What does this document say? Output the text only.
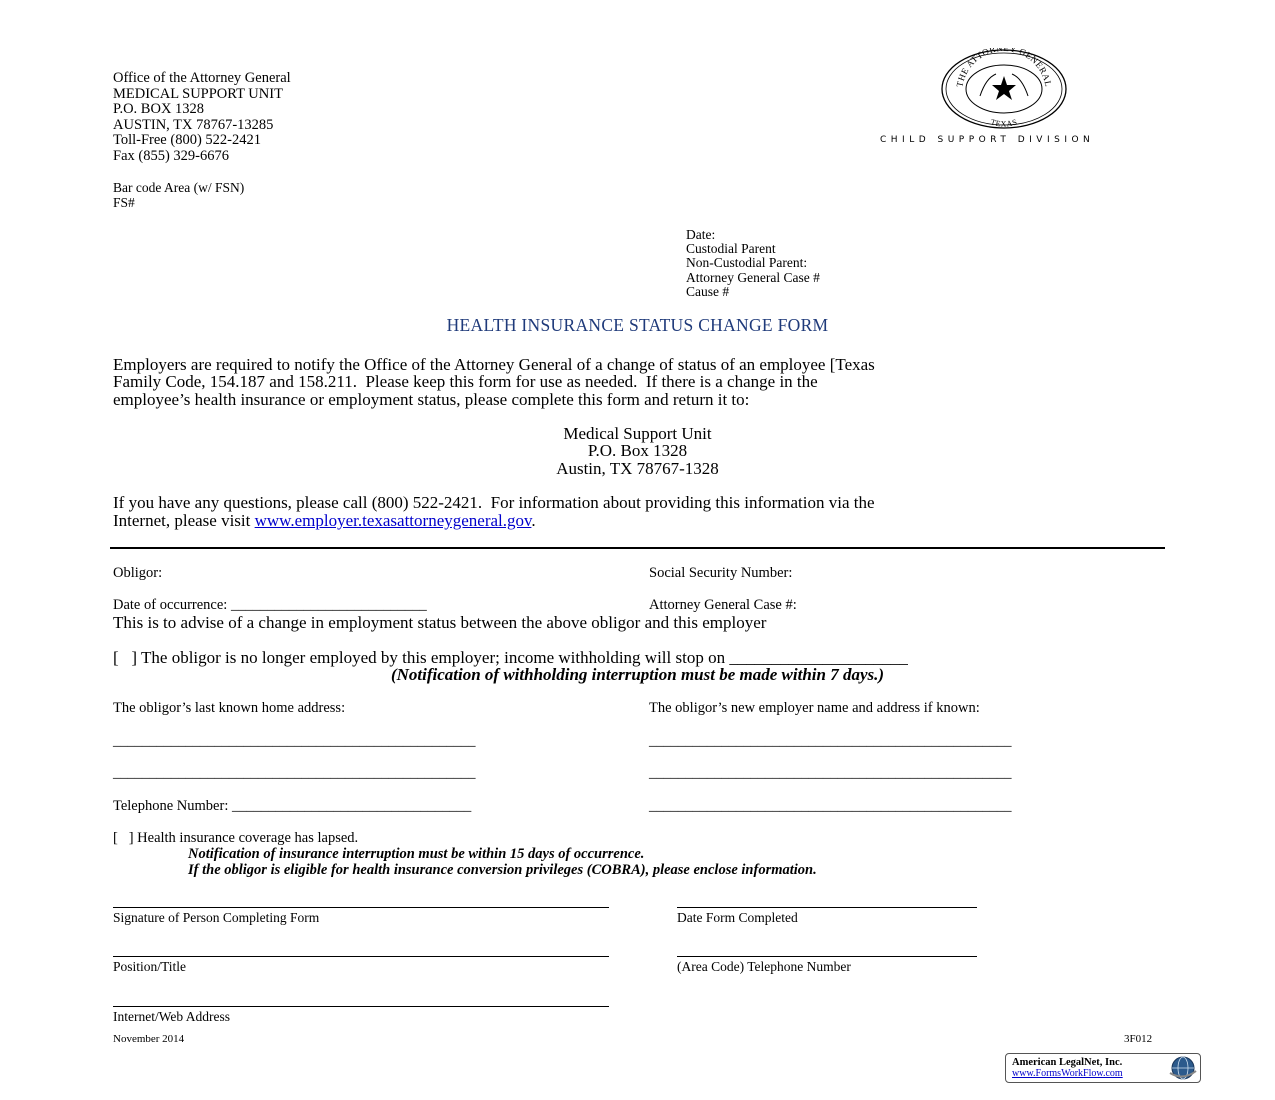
Office of the Attorney General
MEDICAL SUPPORT UNIT
P.O. BOX 1328
AUSTIN, TX 78767-13285
Toll-Free (800) 522-2421
Fax (855) 329-6676
Bar code Area (w/ FSN)
FS#
THE ATTORNEY GENERAL
TEXAS
CHILD SUPPORT DIVISION
Date:
Custodial Parent
Non-Custodial Parent:
Attorney General Case #
Cause #
HEALTH INSURANCE STATUS CHANGE FORM
Employers are required to notify the Office of the Attorney General of a change of status of an employee [Texas
Family Code, 154.187 and 158.211.  Please keep this form for use as needed.  If there is a change in the
employee’s health insurance or employment status, please complete this form and return it to:
Medical Support Unit
P.O. Box 1328
Austin, TX 78767-1328
If you have any questions, please call (800) 522-2421.  For information about providing this information via the
Internet, please visit www.employer.texasattorneygeneral.gov.
Obligor:	Social Security Number:
Date of occurrence: ___________________________	Attorney General Case #:
This is to advise of a change in employment status between the above obligor and this employer
[   ] The obligor is no longer employed by this employer; income withholding will stop on _____________________
(Notification of withholding interruption must be made within 7 days.)
The obligor’s last known home address:	The obligor’s new employer name and address if known:
__________________________________________________	__________________________________________________
__________________________________________________	__________________________________________________
Telephone Number: _________________________________	__________________________________________________
[   ] Health insurance coverage has lapsed.
Notification of insurance interruption must be within 15 days of occurrence.
If the obligor is eligible for health insurance conversion privileges (COBRA), please enclose information.
Signature of Person Completing Form	Date Form Completed
Position/Title	(Area Code) Telephone Number
Internet/Web Address
November 2014	3F012
American LegalNet, Inc.
www.FormsWorkFlow.com
